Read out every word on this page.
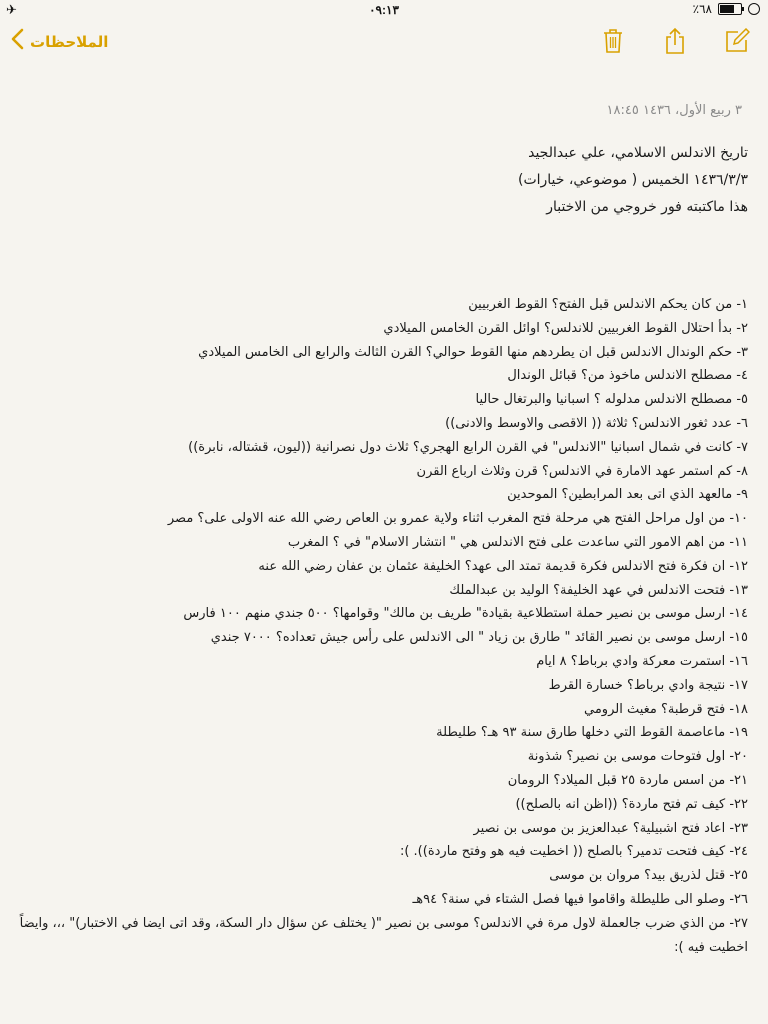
✈	٠٩:١٣	٪٦٨
الملاحظات
٣ ربيع الأول، ١٤٣٦ ١٨:٤٥
تاريخ الاندلس الاسلامي، علي عبدالجيد
١٤٣٦/٣/٣ الخميس ( موضوعي، خيارات)
هذا ماكتبته فور خروجي من الاختبار
١- من كان يحكم الاندلس قبل الفتح؟ القوط الغربيين
٢- بدأ احتلال القوط الغربيين للاندلس؟ اوائل القرن الخامس الميلادي
٣- حكم الوندال الاندلس قبل ان يطردهم منها القوط حوالي؟ القرن الثالث والرابع الى الخامس الميلادي
٤- مصطلح الاندلس ماخوذ من؟ قبائل الوندال
٥- مصطلح الاندلس مدلوله ؟ اسبانيا والبرتغال حاليا
٦- عدد ثغور الاندلس؟ ثلاثة (( الاقصى والاوسط والادنى))
٧- كانت في شمال اسبانيا "الاندلس" في القرن الرابع الهجري؟ ثلاث دول نصرانية ((ليون، قشتاله، نابرة))
٨- كم استمر عهد الامارة في الاندلس؟ قرن وثلاث ارباع القرن
٩- مالعهد الذي اتى بعد المرابطين؟ الموحدين
١٠- من اول مراحل الفتح هي مرحلة فتح المغرب اثناء ولاية عمرو بن العاص رضي الله عنه الاولى على؟ مصر
١١- من اهم الامور التي ساعدت على فتح الاندلس هي " انتشار الاسلام" في ؟ المغرب
١٢- ان فكرة فتح الاندلس فكرة قديمة تمتد الى عهد؟ الخليفة عثمان بن عفان رضي الله عنه
١٣- فتحت الاندلس في عهد الخليفة؟ الوليد بن عبدالملك
١٤- ارسل موسى بن نصير حملة استطلاعية بقيادة" طريف بن مالك" وقوامها؟ ٥٠٠ جندي منهم ١٠٠ فارس
١٥- ارسل موسى بن نصير القائد " طارق بن زياد " الى الاندلس على رأس جيش تعداده؟ ٧٠٠٠ جندي
١٦- استمرت معركة وادي برباط؟ ٨ ايام
١٧- نتيجة وادي برباط؟ خسارة القرط
١٨- فتح قرطبة؟ مغيث الرومي
١٩- ماعاصمة القوط التي دخلها طارق سنة ٩٣ هـ؟ طليطلة
٢٠- اول فتوحات موسى بن نصير؟ شذونة
٢١- من اسس ماردة ٢٥ قبل الميلاد؟ الرومان
٢٢- كيف تم فتح ماردة؟ ((اظن انه بالصلح))
٢٣- اعاد فتح اشبيلية؟ عبدالعزيز بن موسى بن نصير
٢٤- كيف فتحت تدمير؟ بالصلح (( اخطيت فيه هو وفتح ماردة)). ):
٢٥- قتل لذريق بيد؟ مروان بن موسى
٢٦- وصلو الى طليطلة واقاموا فيها فصل الشتاء في سنة؟ ٩٤هـ
٢٧- من الذي ضرب جالعملة لاول مرة في الاندلس؟ موسى بن نصير "( يختلف عن سؤال دار السكة، وقد اتى ايضا في الاختبار)" ،،، وايضاً اخطيت فيه ):
